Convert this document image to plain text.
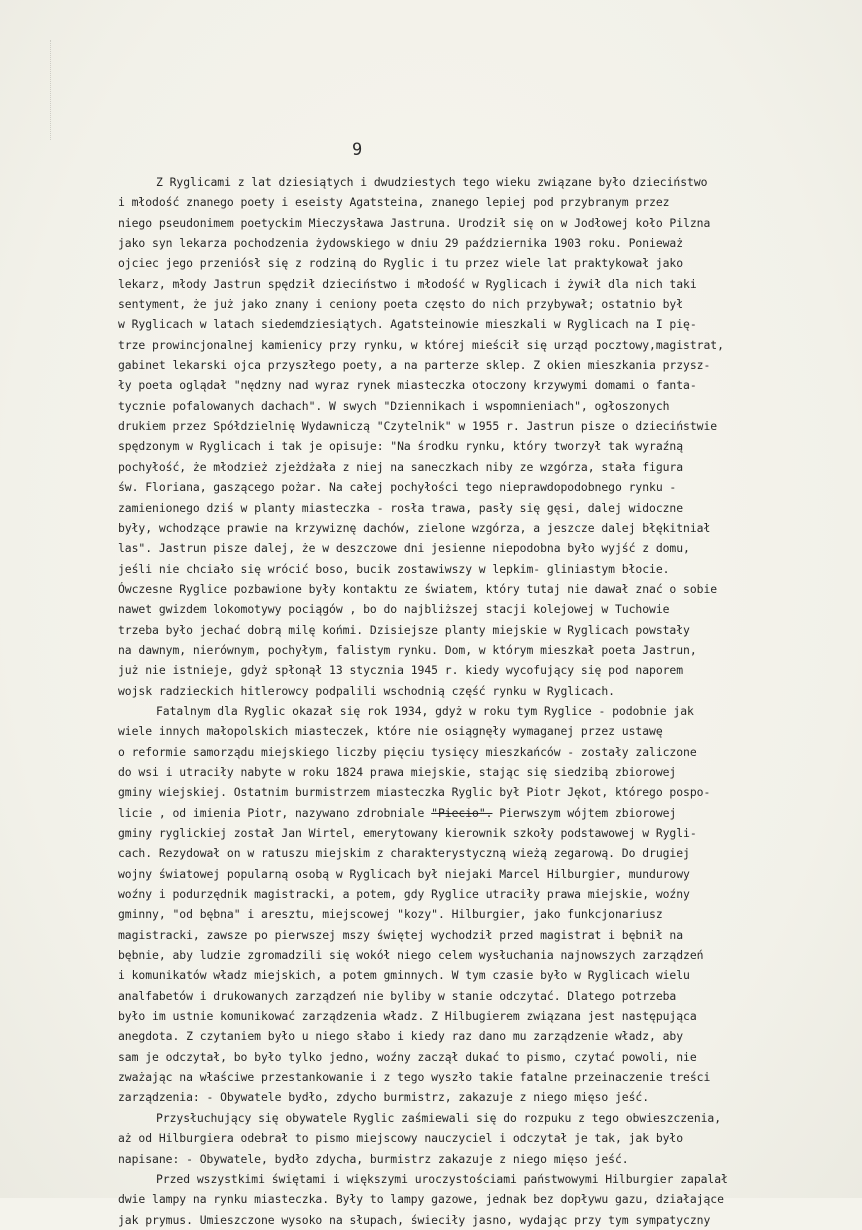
9
Z Ryglicami z lat dziesiątych i dwudziestych tego wieku związane było dzieciństwo
i młodość znanego poety i eseisty Agatsteina, znanego lepiej pod przybranym przez
niego pseudonimem poetyckim Mieczysława Jastruna. Urodził się on w Jodłowej koło Pilzna
jako syn lekarza pochodzenia żydowskiego w dniu 29 października 1903 roku. Ponieważ
ojciec jego przeniósł się z rodziną do Ryglic i tu przez wiele lat praktykował jako
lekarz, młody Jastrun spędził dzieciństwo i młodość w Ryglicach i żywił dla nich taki
sentyment, że już jako znany i ceniony poeta często do nich przybywał; ostatnio był
w Ryglicach w latach siedemdziesiątych. Agatsteinowie mieszkali w Ryglicach na I pię-
trze prowincjonalnej kamienicy przy rynku, w której mieścił się urząd pocztowy,magistrat,
gabinet lekarski ojca przyszłego poety, a na parterze sklep. Z okien mieszkania przysz-
ły poeta oglądał "nędzny nad wyraz rynek miasteczka otoczony krzywymi domami o fanta-
tycznie pofalowanych dachach". W swych "Dziennikach i wspomnieniach", ogłoszonych
drukiem przez Spółdzielnię Wydawniczą "Czytelnik" w 1955 r. Jastrun pisze o dzieciństwie
spędzonym w Ryglicach i tak je opisuje: "Na środku rynku, który tworzył tak wyraźną
pochyłość, że młodzież zjeżdżała z niej na saneczkach niby ze wzgórza, stała figura
św. Floriana, gaszącego pożar. Na całej pochyłości tego nieprawdopodobnego rynku -
zamienionego dziś w planty miasteczka - rosła trawa, pasły się gęsi, dalej widoczne
były, wchodzące prawie na krzywiznę dachów, zielone wzgórza, a jeszcze dalej błękitniał
las". Jastrun pisze dalej, że w deszczowe dni jesienne niepodobna było wyjść z domu,
jeśli nie chciało się wrócić boso, bucik zostawiwszy w lepkim- gliniastym błocie.
Ówczesne Ryglice pozbawione były kontaktu ze światem, który tutaj nie dawał znać o sobie
nawet gwizdem lokomotywy pociągów , bo do najbliższej stacji kolejowej w Tuchowie
trzeba było jechać dobrą milę końmi. Dzisiejsze planty miejskie w Ryglicach powstały
na dawnym, nierównym, pochyłym, falistym rynku. Dom, w którym mieszkał poeta Jastrun,
już nie istnieje, gdyż spłonął 13 stycznia 1945 r. kiedy wycofujący się pod naporem
wojsk radzieckich hitlerowcy podpalili wschodnią część rynku w Ryglicach.
Fatalnym dla Ryglic okazał się rok 1934, gdyż w roku tym Ryglice - podobnie jak
wiele innych małopolskich miasteczek, które nie osiągnęły wymaganej przez ustawę
o reformie samorządu miejskiego liczby pięciu tysięcy mieszkańców - zostały zaliczone
do wsi i utraciły nabyte w roku 1824 prawa miejskie, stając się siedzibą zbiorowej
gminy wiejskiej. Ostatnim burmistrzem miasteczka Ryglic był Piotr Jękot, którego pospo-
licie , od imienia Piotr, nazywano zdrobniale "Piecio". Pierwszym wójtem zbiorowej
gminy ryglickiej został Jan Wirtel, emerytowany kierownik szkoły podstawowej w Rygli-
cach. Rezydował on w ratuszu miejskim z charakterystyczną wieżą zegarową. Do drugiej
wojny światowej popularną osobą w Ryglicach był niejaki Marcel Hilburgier, mundurowy
woźny i podurzędnik magistracki, a potem, gdy Ryglice utraciły prawa miejskie, woźny
gminny, "od bębna" i aresztu, miejscowej "kozy". Hilburgier, jako funkcjonariusz
magistracki, zawsze po pierwszej mszy świętej wychodził przed magistrat i bębnił na
bębnie, aby ludzie zgromadzili się wokół niego celem wysłuchania najnowszych zarządzeń
i komunikatów władz miejskich, a potem gminnych. W tym czasie było w Ryglicach wielu
analfabetów i drukowanych zarządzeń nie byliby w stanie odczytać. Dlatego potrzeba
było im ustnie komunikować zarządzenia władz. Z Hilbugierem związana jest następująca
anegdota. Z czytaniem było u niego słabo i kiedy raz dano mu zarządzenie władz, aby
sam je odczytał, bo było tylko jedno, woźny zaczął dukać to pismo, czytać powoli, nie
zważając na właściwe przestankowanie i z tego wyszło takie fatalne przeinaczenie treści
zarządzenia: - Obywatele bydło, zdycho burmistrz, zakazuje z niego mięso jeść.
Przysłuchujący się obywatele Ryglic zaśmiewali się do rozpuku z tego obwieszczenia,
aż od Hilburgiera odebrał to pismo miejscowy nauczyciel i odczytał je tak, jak było
napisane: - Obywatele, bydło zdycha, burmistrz zakazuje z niego mięso jeść.
Przed wszystkimi świętami i większymi uroczystościami państwowymi Hilburgier zapalał
dwie lampy na rynku miasteczka. Były to lampy gazowe, jednak bez dopływu gazu, działające
jak prymus. Umieszczone wysoko na słupach, świeciły jasno, wydając przy tym sympatyczny
